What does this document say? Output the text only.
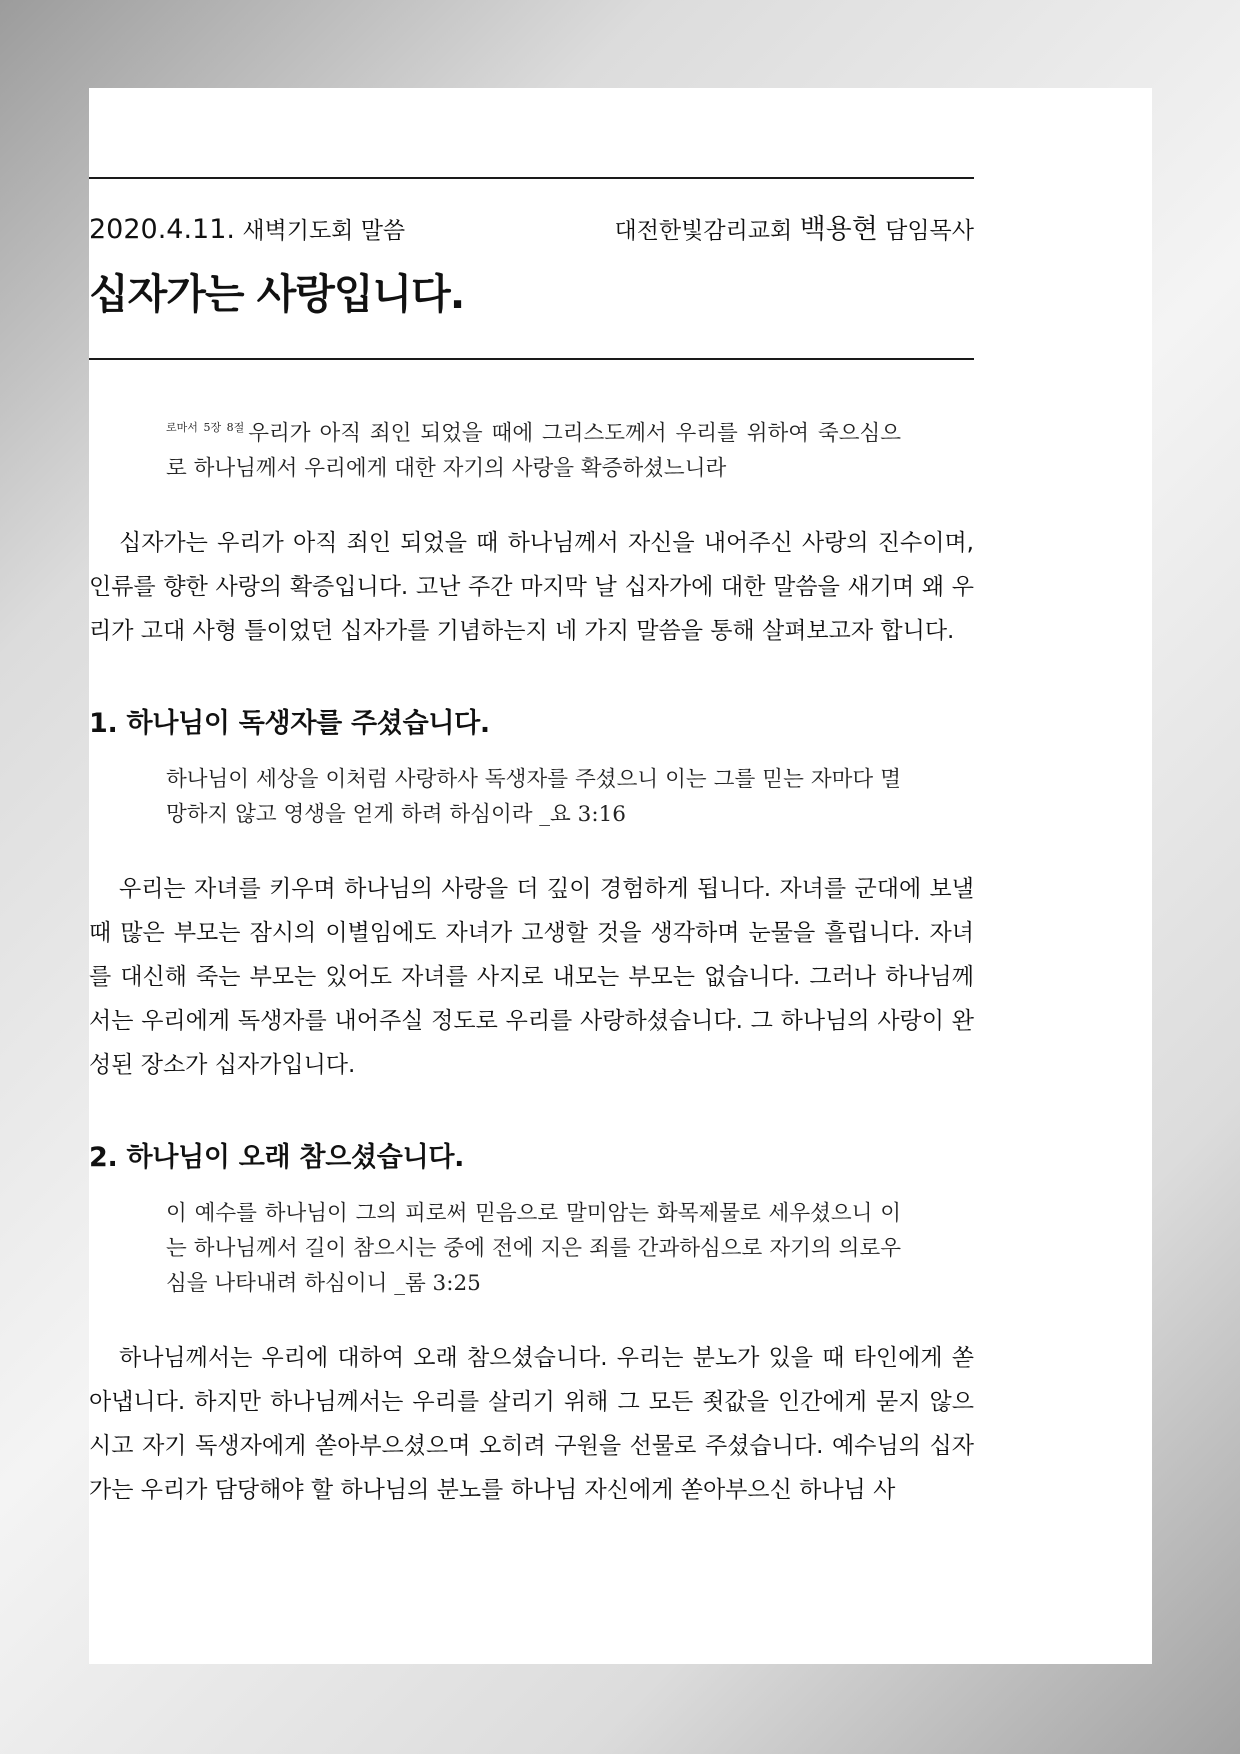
2020.4.11. 새벽기도회 말씀	대전한빛감리교회 백용현 담임목사
십자가는 사랑입니다.

$^{로마서 5장 8절}$ 우리가 아직 죄인 되었을 때에 그리스도께서 우리를 위하여 죽으심으로 하나님께서 우리에게 대한 자기의 사랑을 확증하셨느니라

십자가는 우리가 아직 죄인 되었을 때 하나님께서 자신을 내어주신 사랑의 진수이며, 인류를 향한 사랑의 확증입니다. 고난 주간 마지막 날 십자가에 대한 말씀을 새기며 왜 우리가 고대 사형 틀이었던 십자가를 기념하는지 네 가지 말씀을 통해 살펴보고자 합니다.

1. 하나님이 독생자를 주셨습니다.

하나님이 세상을 이처럼 사랑하사 독생자를 주셨으니 이는 그를 믿는 자마다 멸망하지 않고 영생을 얻게 하려 하심이라 _요 3:16

우리는 자녀를 키우며 하나님의 사랑을 더 깊이 경험하게 됩니다. 자녀를 군대에 보낼 때 많은 부모는 잠시의 이별임에도 자녀가 고생할 것을 생각하며 눈물을 흘립니다. 자녀를 대신해 죽는 부모는 있어도 자녀를 사지로 내모는 부모는 없습니다. 그러나 하나님께서는 우리에게 독생자를 내어주실 정도로 우리를 사랑하셨습니다. 그 하나님의 사랑이 완성된 장소가 십자가입니다.

2. 하나님이 오래 참으셨습니다.

이 예수를 하나님이 그의 피로써 믿음으로 말미암는 화목제물로 세우셨으니 이는 하나님께서 길이 참으시는 중에 전에 지은 죄를 간과하심으로 자기의 의로우심을 나타내려 하심이니 _롬 3:25

하나님께서는 우리에 대하여 오래 참으셨습니다. 우리는 분노가 있을 때 타인에게 쏟아냅니다. 하지만 하나님께서는 우리를 살리기 위해 그 모든 죗값을 인간에게 묻지 않으시고 자기 독생자에게 쏟아부으셨으며 오히려 구원을 선물로 주셨습니다. 예수님의 십자가는 우리가 담당해야 할 하나님의 분노를 하나님 자신에게 쏟아부으신 하나님 사
